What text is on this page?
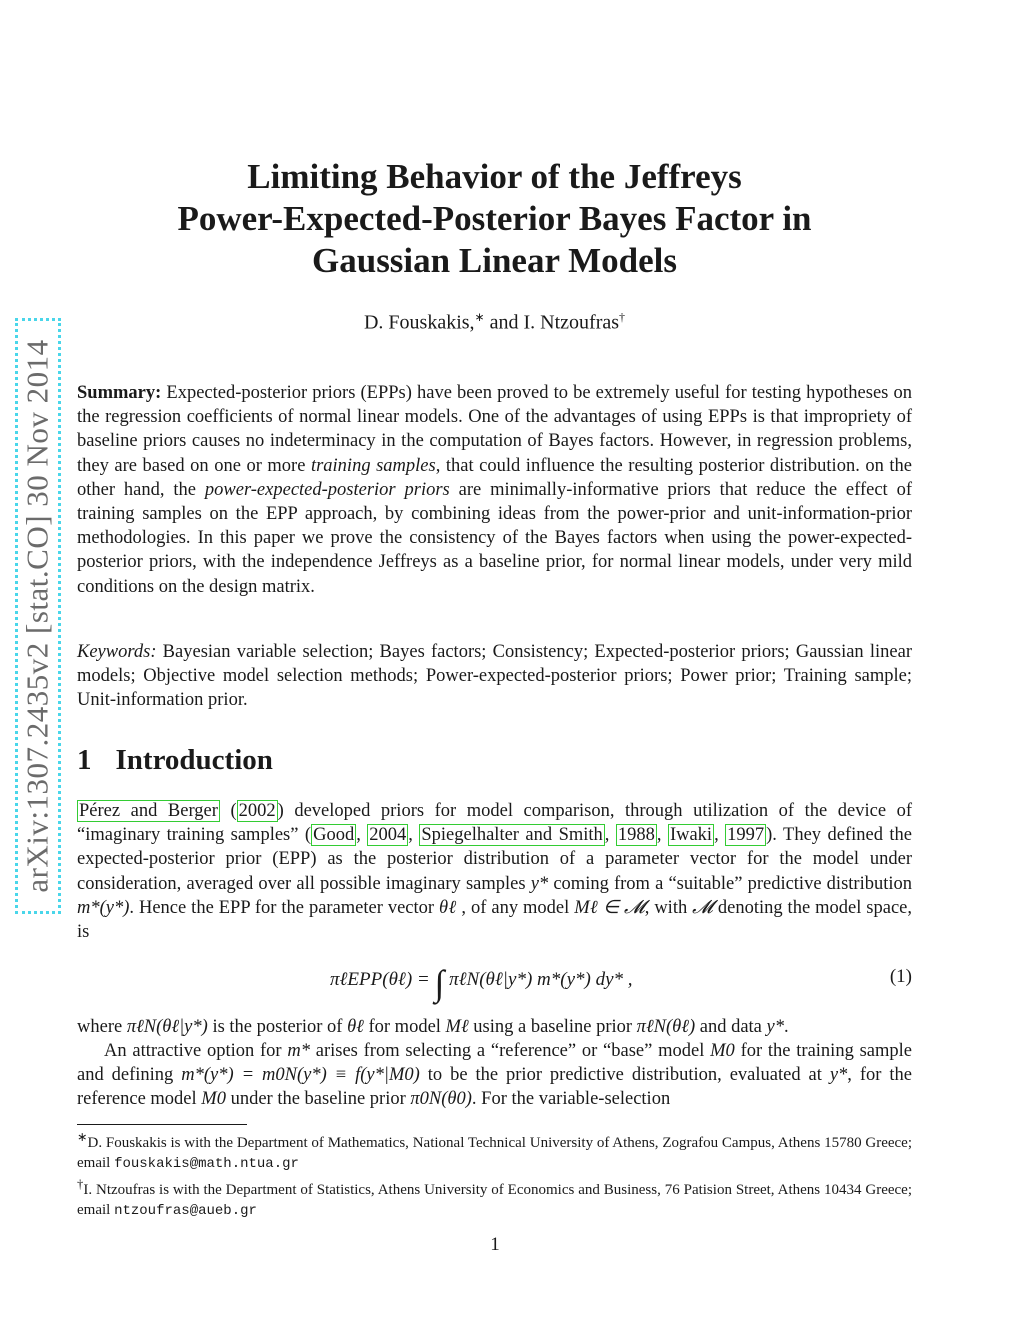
arXiv:1307.2435v2 [stat.CO] 30 Nov 2014
Limiting Behavior of the Jeffreys
Power-Expected-Posterior Bayes Factor in
Gaussian Linear Models
D. Fouskakis,∗ and I. Ntzoufras†
Summary: Expected-posterior priors (EPPs) have been proved to be extremely useful for testing hypotheses on the regression coefficients of normal linear models. One of the advantages of using EPPs is that impropriety of baseline priors causes no indeterminacy in the computation of Bayes factors. However, in regression problems, they are based on one or more training samples, that could influence the resulting posterior distribution. on the other hand, the power-expected-posterior priors are minimally-informative priors that reduce the effect of training samples on the EPP approach, by combining ideas from the power-prior and unit-information-prior methodologies. In this paper we prove the consistency of the Bayes factors when using the power-expected-posterior priors, with the independence Jeffreys as a baseline prior, for normal linear models, under very mild conditions on the design matrix.
Keywords: Bayesian variable selection; Bayes factors; Consistency; Expected-posterior priors; Gaussian linear models; Objective model selection methods; Power-expected-posterior priors; Power prior; Training sample; Unit-information prior.
1 Introduction
Pérez and Berger ( 2002 ) developed priors for model comparison, through utilization of the device of “imaginary training samples” ( Good , 2004 , Spiegelhalter and Smith , 1988 , Iwaki , 1997 ). They defined the expected-posterior prior (EPP) as the posterior distribution of a parameter vector for the model under consideration, averaged over all possible imaginary samples y* coming from a “suitable” predictive distribution m*(y*). Hence the EPP for the parameter vector θℓ , of any model Mℓ ∈ 𝓜, with 𝓜 denoting the model space, is
πℓEPP(θℓ) = ∫ πℓN(θℓ|y*) m*(y*) dy* ,	(1)
where πℓN(θℓ|y*) is the posterior of θℓ for model Mℓ using a baseline prior πℓN(θℓ) and data y*.
An attractive option for m* arises from selecting a “reference” or “base” model M0 for the training sample and defining m*(y*) = m0N(y*) ≡ f(y*|M0) to be the prior predictive distribution, evaluated at y*, for the reference model M0 under the baseline prior π0N(θ0). For the variable-selection

∗D. Fouskakis is with the Department of Mathematics, National Technical University of Athens, Zografou Campus, Athens 15780 Greece; email fouskakis@math.ntua.gr

†I. Ntzoufras is with the Department of Statistics, Athens University of Economics and Business, 76 Patision Street, Athens 10434 Greece; email ntzoufras@aueb.gr

1
